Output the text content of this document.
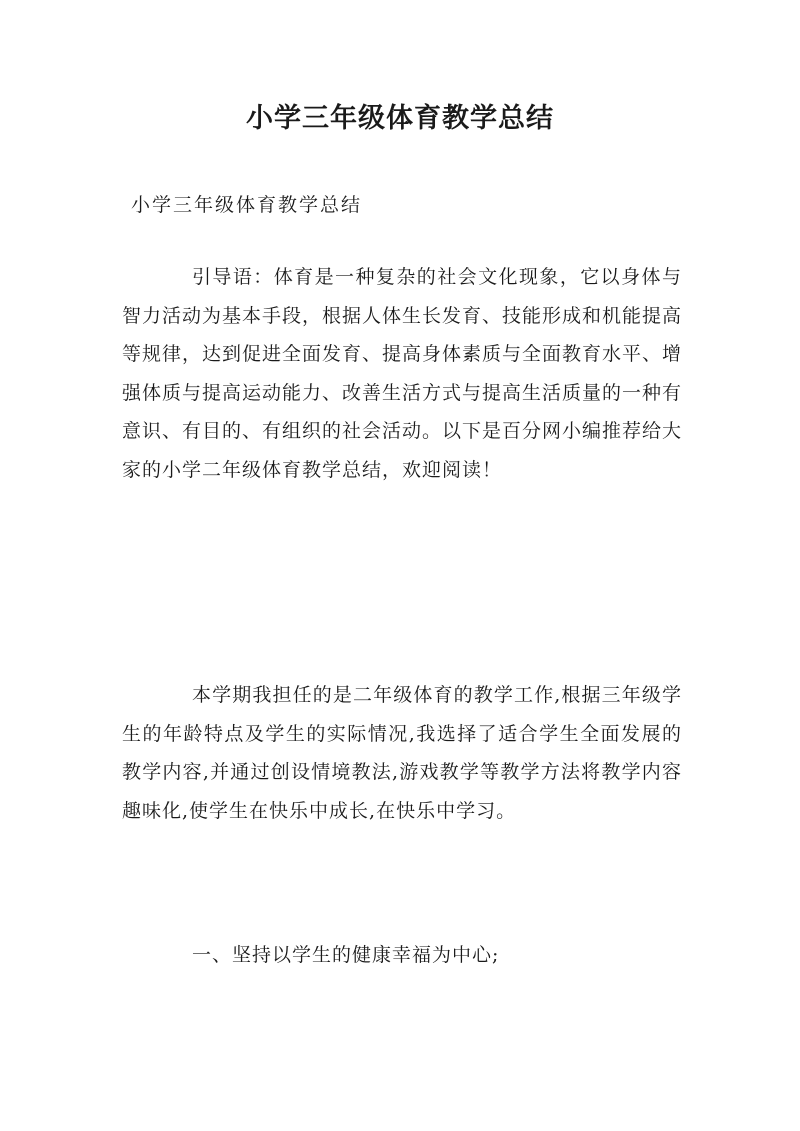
小学三年级体育教学总结

小学三年级体育教学总结

引导语：体育是一种复杂的社会文化现象，它以身体与智力活动为基本手段，根据人体生长发育、技能形成和机能提高等规律，达到促进全面发育、提高身体素质与全面教育水平、增强体质与提高运动能力、改善生活方式与提高生活质量的一种有意识、有目的、有组织的社会活动。以下是百分网小编推荐给大家的小学二年级体育教学总结，欢迎阅读！

本学期我担任的是二年级体育的教学工作,根据三年级学生的年龄特点及学生的实际情况,我选择了适合学生全面发展的教学内容,并通过创设情境教法,游戏教学等教学方法将教学内容趣味化,使学生在快乐中成长,在快乐中学习。

一、坚持以学生的健康幸福为中心;
